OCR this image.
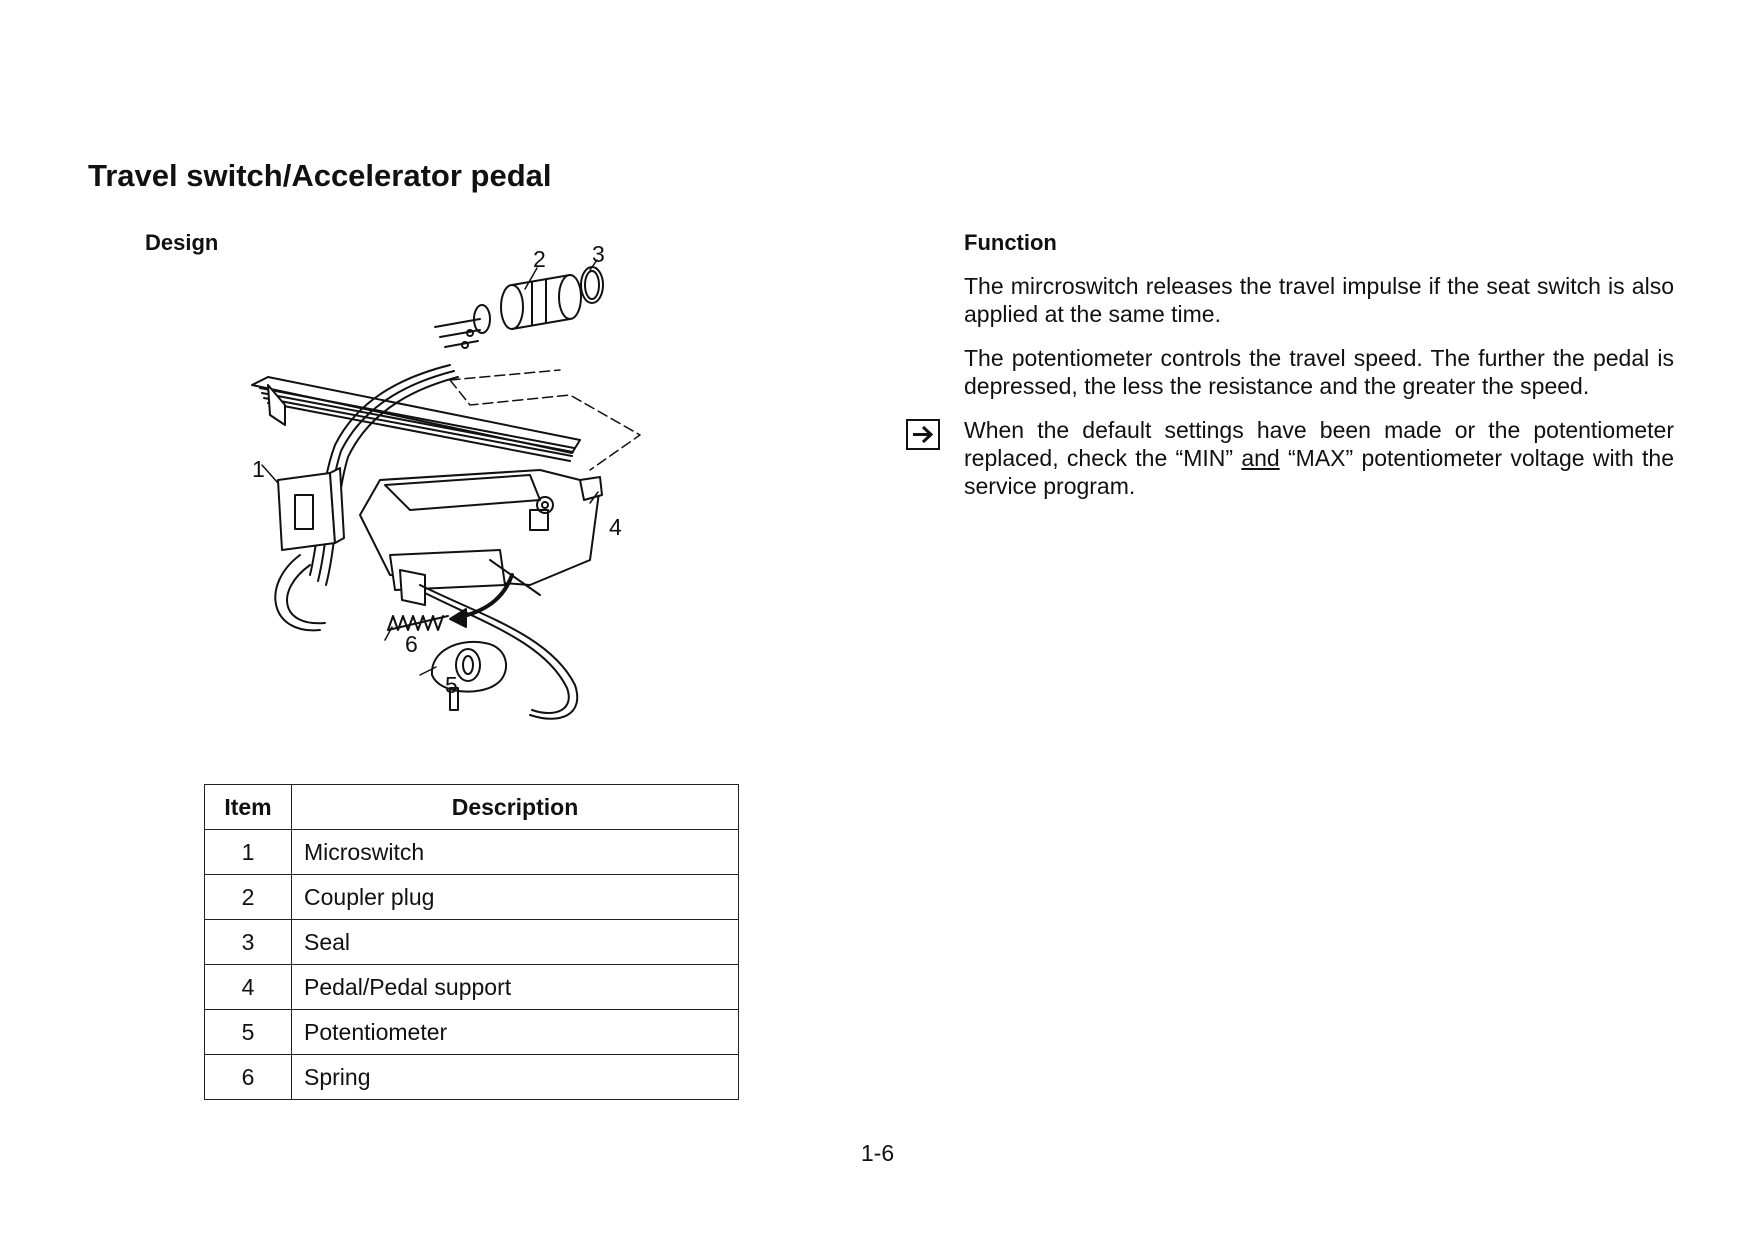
Travel switch/Accelerator pedal
Design
1
2 3
4
5
6
Item	Description
1	Microswitch
2	Coupler plug
3	Seal
4	Pedal/Pedal support
5	Potentiometer
6	Spring
Function

The mircroswitch releases the travel impulse if the seat switch is also applied at the same time.

The potentiometer controls the travel speed. The further the pedal is depressed, the less the resistance and the greater the speed.

When the default settings have been made or the potentiometer replaced, check the “MIN” and “MAX” potentiometer voltage with the service program.

1-6
